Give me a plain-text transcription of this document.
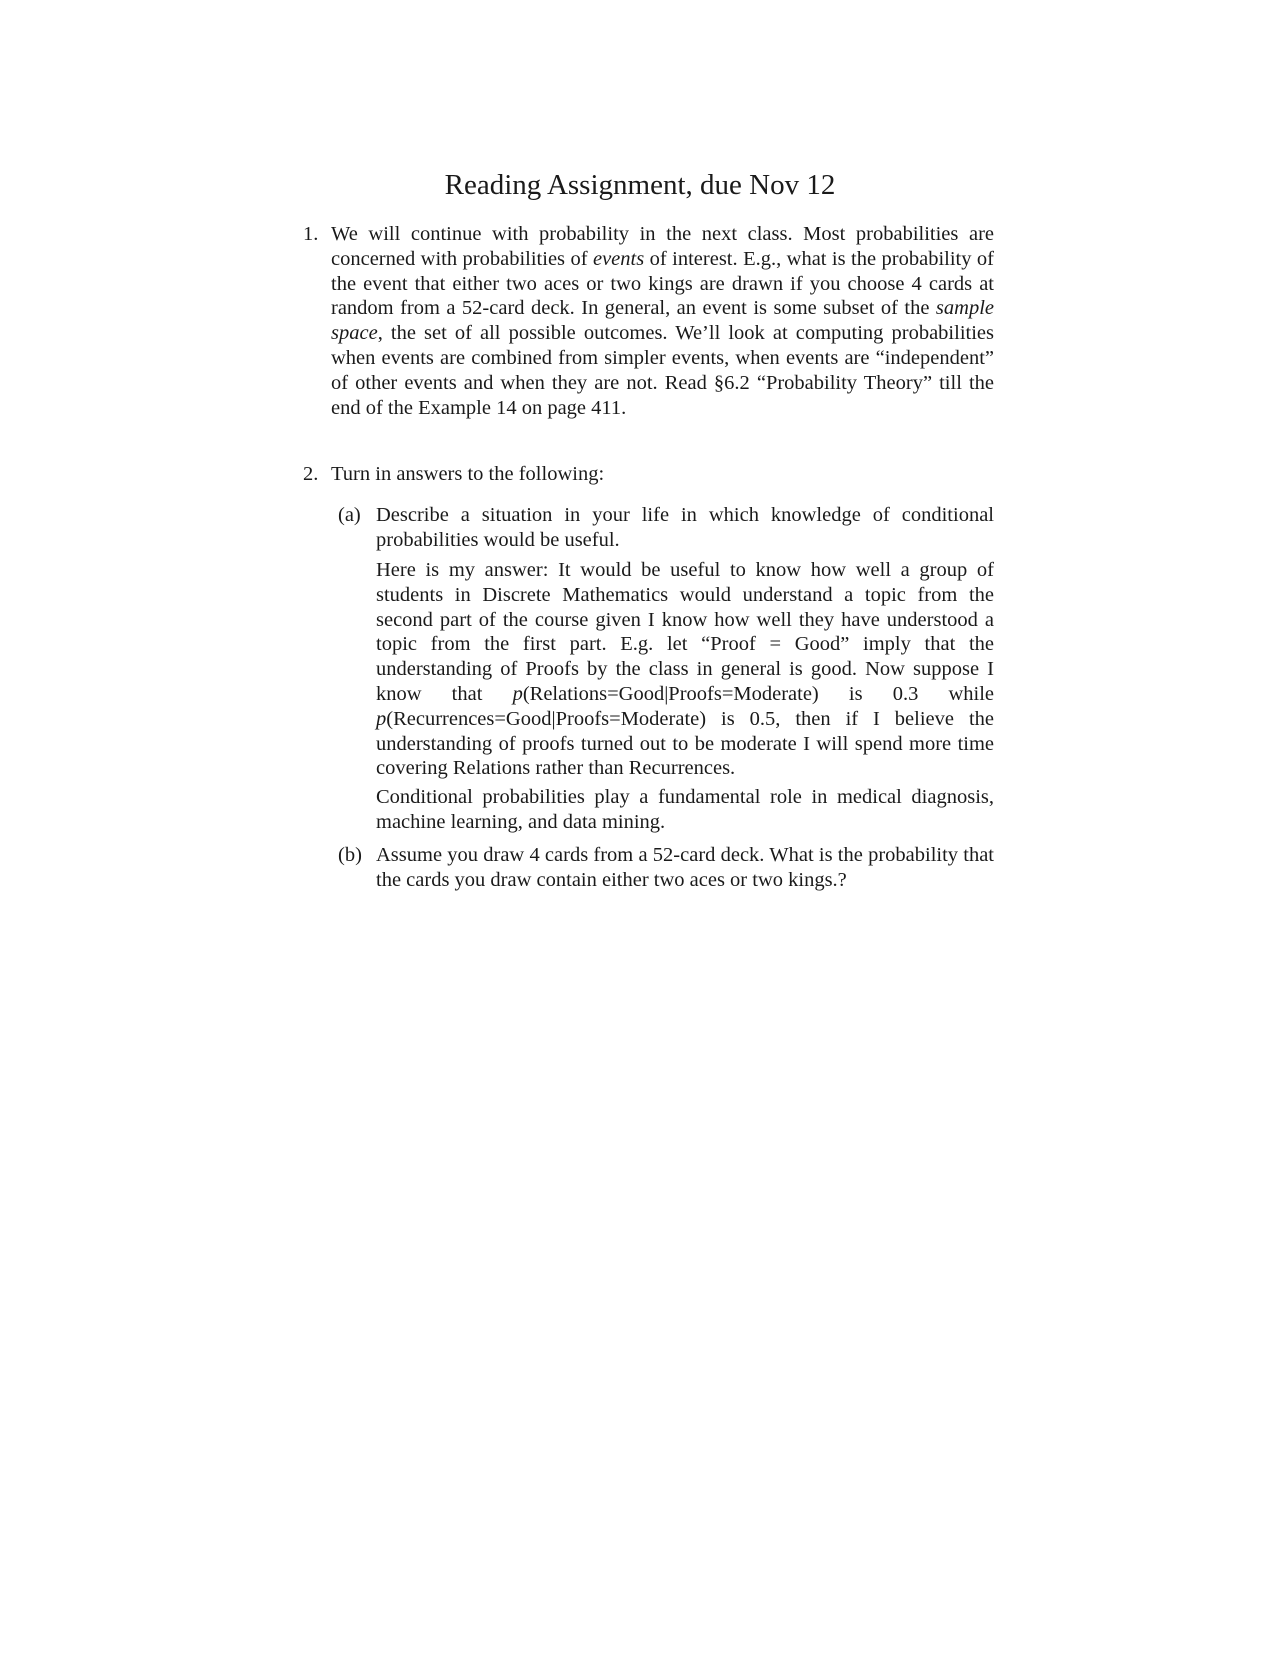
Reading Assignment, due Nov 12
1. We will continue with probability in the next class. Most probabilities are concerned with probabilities of events of interest. E.g., what is the probability of the event that either two aces or two kings are drawn if you choose 4 cards at random from a 52-card deck. In general, an event is some subset of the sample space, the set of all possible outcomes. We’ll look at computing probabilities when events are combined from simpler events, when events are “independent” of other events and when they are not. Read §6.2 “Probability Theory” till the end of the Example 14 on page 411.
2. Turn in answers to the following:
(a) Describe a situation in your life in which knowledge of conditional probabilities would be useful.
Here is my answer: It would be useful to know how well a group of students in Discrete Mathematics would understand a topic from the second part of the course given I know how well they have understood a topic from the first part. E.g. let “Proof = Good” imply that the understanding of Proofs by the class in general is good. Now suppose I know that p(Relations=Good|Proofs=Moderate) is 0.3 while p(Recurrences=Good|Proofs=Moderate) is 0.5, then if I believe the understanding of proofs turned out to be moderate I will spend more time covering Relations rather than Recurrences.
Conditional probabilities play a fundamental role in medical diagnosis, machine learning, and data mining.
(b) Assume you draw 4 cards from a 52-card deck. What is the probability that the cards you draw contain either two aces or two kings.?
